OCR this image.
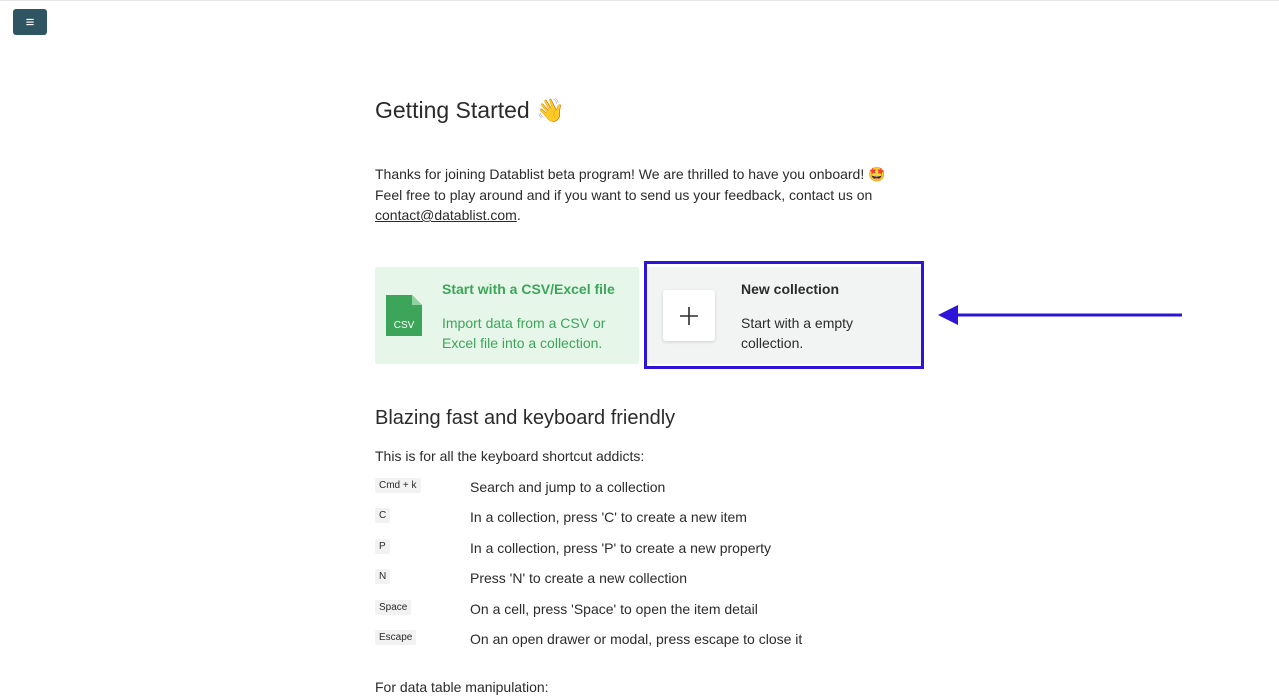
≡
Getting Started 👋
Thanks for joining Datablist beta program! We are thrilled to have you onboard! 🤩
Feel free to play around and if you want to send us your feedback, contact us on
contact@datablist.com.
CSV
Start with a CSV/Excel file
Import data from a CSV or Excel file into a collection.
New collection
Start with a empty collection.
Blazing fast and keyboard friendly
This is for all the keyboard shortcut addicts:
Cmd + k	Search and jump to a collection
C	In a collection, press 'C' to create a new item
P	In a collection, press 'P' to create a new property
N	Press 'N' to create a new collection
Space	On a cell, press 'Space' to open the item detail
Escape	On an open drawer or modal, press escape to close it
For data table manipulation:
